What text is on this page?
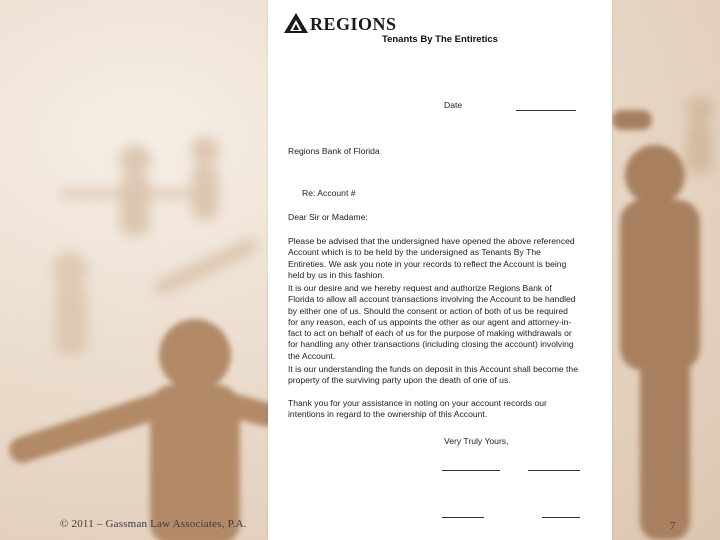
REGIONS
Tenants By The Entiretics
Date
Regions Bank of Florida
Re: Account #
Dear Sir or Madame:
Please be advised that the undersigned have opened the above referenced Account which is to be held by the undersigned as Tenants By The Entireties. We ask you note in your records to reflect the Account is being held by us in this fashion.
It is our desire and we hereby request and authorize Regions Bank of Florida to allow all account transactions involving the Account to be handled by either one of us. Should the consent or action of both of us be required for any reason, each of us appoints the other as our agent and attorney-in-fact to act on behalf of each of us for the purpose of making withdrawals or for handling any other transactions (including closing the account) involving the Account.
It is our understanding the funds on deposit in this Account shall become the property of the surviving party upon the death of one of us.
Thank you for your assistance in noting on your account records our intentions in regard to the ownership of this Account.
Very Truly Yours,
© 2011 – Gassman Law Associates, P.A.	7
